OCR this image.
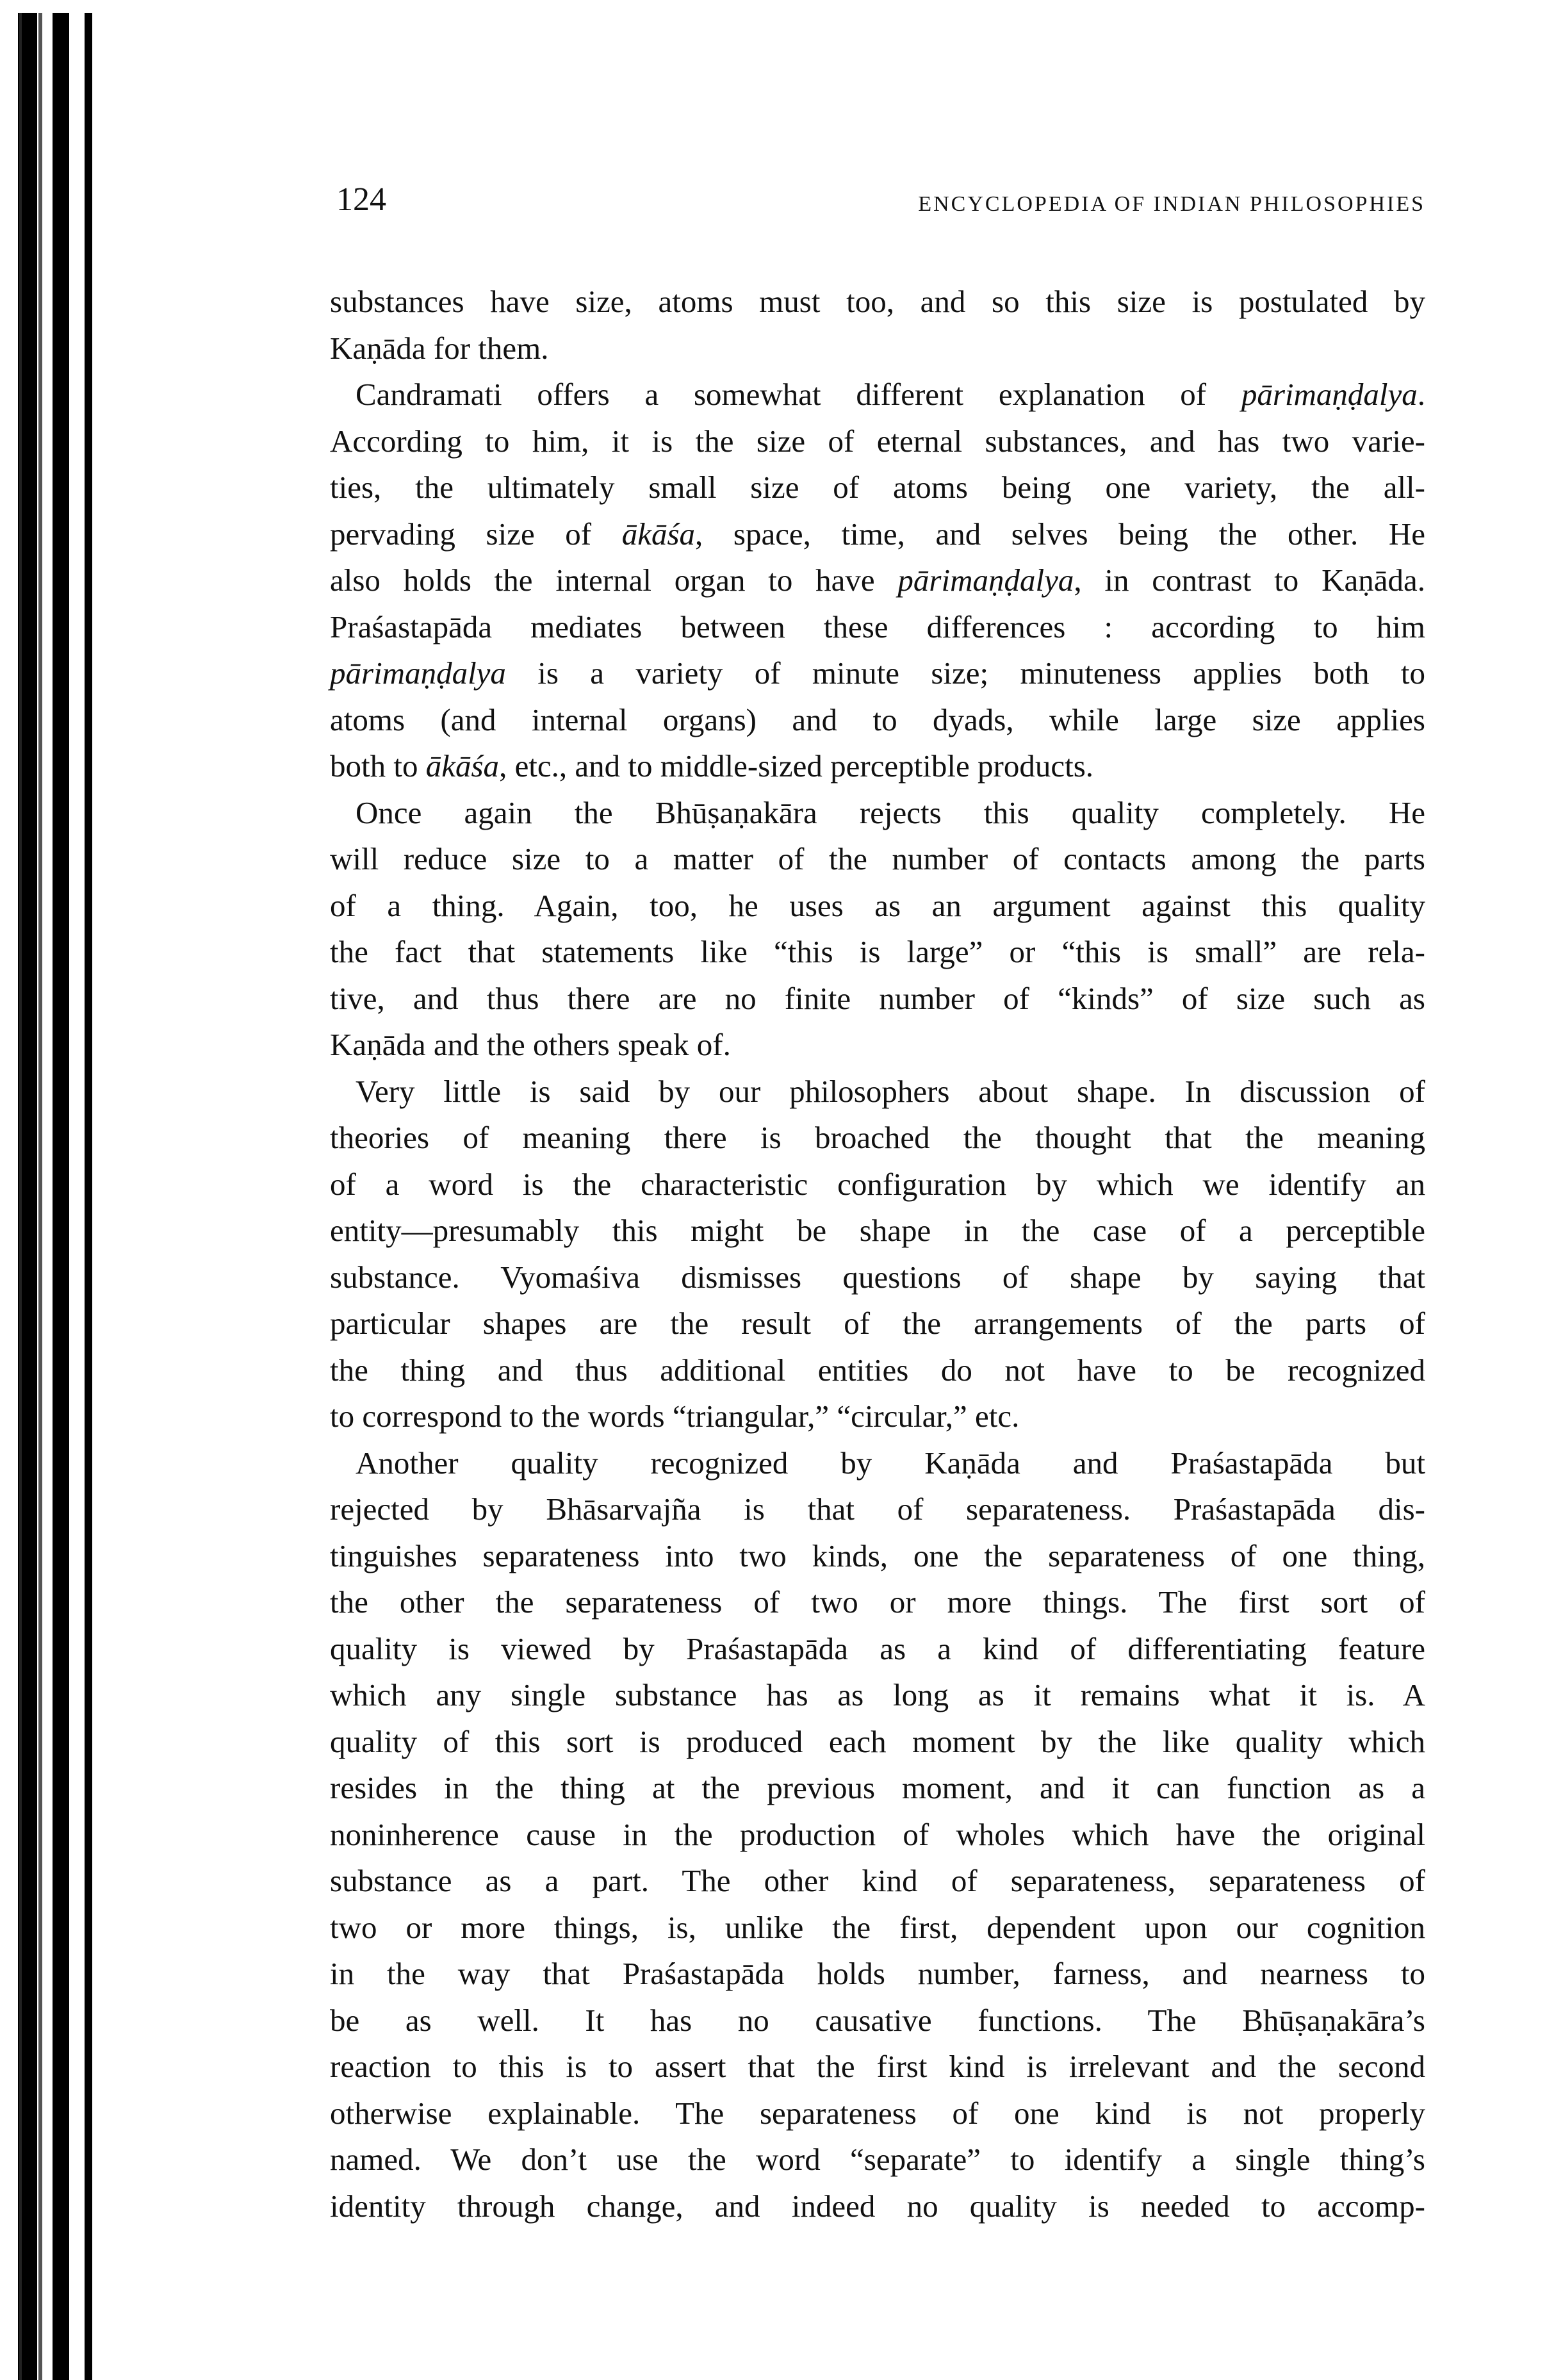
124	ENCYCLOPEDIA OF INDIAN PHILOSOPHIES
substances have size, atoms must too, and so this size is postulated by
Kaṇāda for them.
Candramati offers a somewhat different explanation of pārimaṇḍalya.
According to him, it is the size of eternal substances, and has two varie-
ties, the ultimately small size of atoms being one variety, the all-
pervading size of ākāśa, space, time, and selves being the other. He
also holds the internal organ to have pārimaṇḍalya, in contrast to Kaṇāda.
Praśastapāda mediates between these differences : according to him
pārimaṇḍalya is a variety of minute size; minuteness applies both to
atoms (and internal organs) and to dyads, while large size applies
both to ākāśa, etc., and to middle-sized perceptible products.
Once again the Bhūṣaṇakāra rejects this quality completely. He
will reduce size to a matter of the number of contacts among the parts
of a thing. Again, too, he uses as an argument against this quality
the fact that statements like “this is large” or “this is small” are rela-
tive, and thus there are no finite number of “kinds” of size such as
Kaṇāda and the others speak of.
Very little is said by our philosophers about shape. In discussion of
theories of meaning there is broached the thought that the meaning
of a word is the characteristic configuration by which we identify an
entity—presumably this might be shape in the case of a perceptible
substance. Vyomaśiva dismisses questions of shape by saying that
particular shapes are the result of the arrangements of the parts of
the thing and thus additional entities do not have to be recognized
to correspond to the words “triangular,” “circular,” etc.
Another quality recognized by Kaṇāda and Praśastapāda but
rejected by Bhāsarvajña is that of separateness. Praśastapāda dis-
tinguishes separateness into two kinds, one the separateness of one thing,
the other the separateness of two or more things. The first sort of
quality is viewed by Praśastapāda as a kind of differentiating feature
which any single substance has as long as it remains what it is. A
quality of this sort is produced each moment by the like quality which
resides in the thing at the previous moment, and it can function as a
noninherence cause in the production of wholes which have the original
substance as a part. The other kind of separateness, separateness of
two or more things, is, unlike the first, dependent upon our cognition
in the way that Praśastapāda holds number, farness, and nearness to
be as well. It has no causative functions. The Bhūṣaṇakāra’s
reaction to this is to assert that the first kind is irrelevant and the second
otherwise explainable. The separateness of one kind is not properly
named. We don’t use the word “separate” to identify a single thing’s
identity through change, and indeed no quality is needed to accomp-
